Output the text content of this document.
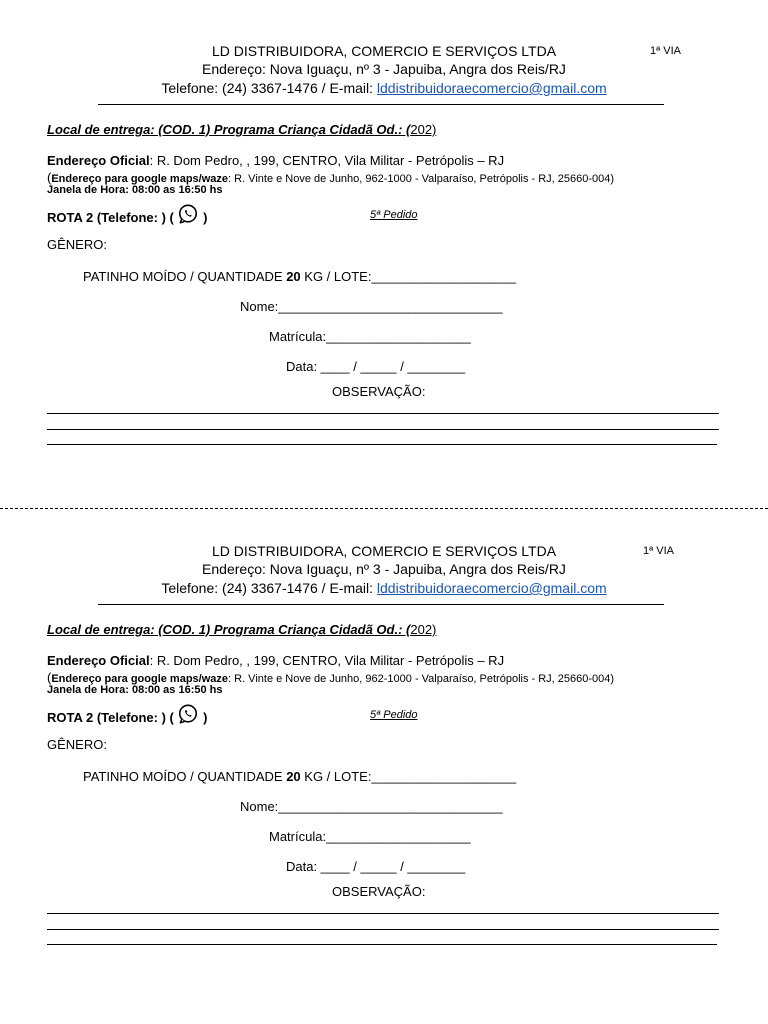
LD DISTRIBUIDORA, COMERCIO E SERVIÇOS LTDA	1ª VIA
Endereço: Nova Iguaçu, nº 3 - Japuiba, Angra dos Reis/RJ
Telefone: (24) 3367-1476 / E-mail: lddistribuidoraecomercio@gmail.com
Local de entrega: (COD. 1) Programa Criança Cidadã Od.: (202)
Endereço Oficial: R. Dom Pedro, , 199, CENTRO, Vila Militar - Petrópolis – RJ
(Endereço para google maps/waze: R. Vinte e Nove de Junho, 962-1000 - Valparaíso, Petrópolis - RJ, 25660-004)
Janela de Hora: 08:00 as 16:50 hs
ROTA 2 (Telefone: ) (  )	5ª Pedido
GÊNERO:
PATINHO MOÍDO / QUANTIDADE 20 KG / LOTE:____________________
Nome:_______________________________
Matrícula:____________________
Data: ____ / _____ / ________
OBSERVAÇÃO:
LD DISTRIBUIDORA, COMERCIO E SERVIÇOS LTDA	1ª VIA
Endereço: Nova Iguaçu, nº 3 - Japuiba, Angra dos Reis/RJ
Telefone: (24) 3367-1476 / E-mail: lddistribuidoraecomercio@gmail.com
Local de entrega: (COD. 1) Programa Criança Cidadã Od.: (202)
Endereço Oficial: R. Dom Pedro, , 199, CENTRO, Vila Militar - Petrópolis – RJ
(Endereço para google maps/waze: R. Vinte e Nove de Junho, 962-1000 - Valparaíso, Petrópolis - RJ, 25660-004)
Janela de Hora: 08:00 as 16:50 hs
ROTA 2 (Telefone: ) (  )	5ª Pedido
GÊNERO:
PATINHO MOÍDO / QUANTIDADE 20 KG / LOTE:____________________
Nome:_______________________________
Matrícula:____________________
Data: ____ / _____ / ________
OBSERVAÇÃO:
